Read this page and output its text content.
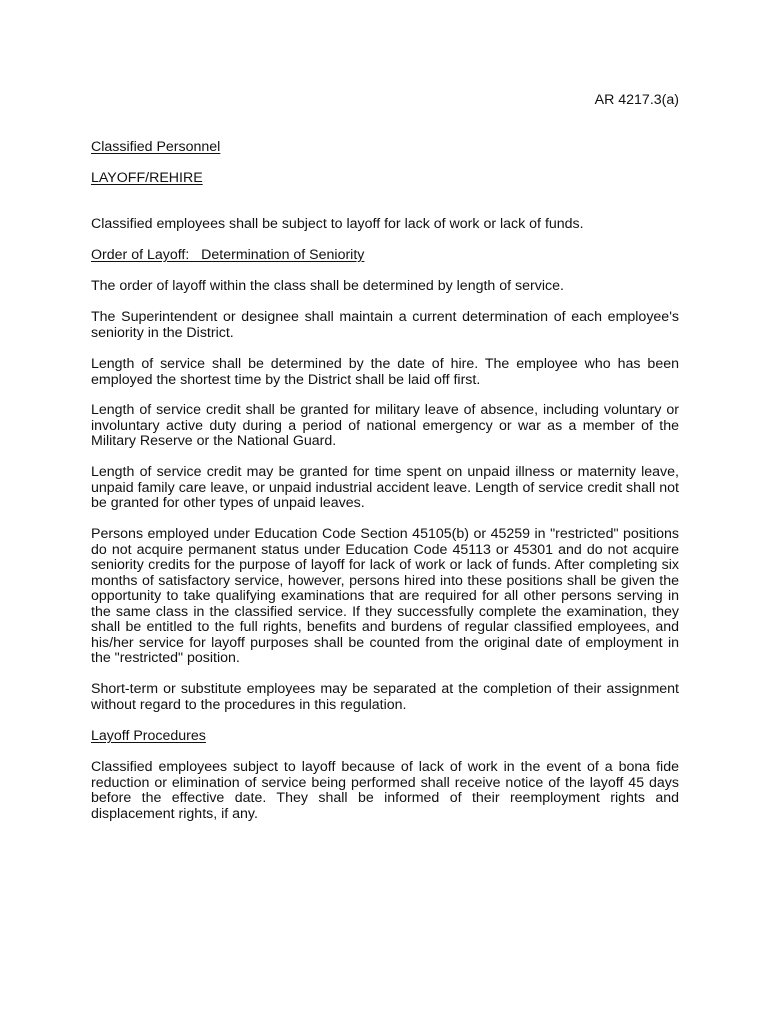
AR 4217.3(a)

Classified Personnel

LAYOFF/REHIRE

Classified employees shall be subject to layoff for lack of work or lack of funds.

Order of Layoff:   Determination of Seniority

The order of layoff within the class shall be determined by length of service.

The Superintendent or designee shall maintain a current determination of each employee's seniority in the District.

Length of service shall be determined by the date of hire. The employee who has been employed the shortest time by the District shall be laid off first.

Length of service credit shall be granted for military leave of absence, including voluntary or involuntary active duty during a period of national emergency or war as a member of the Military Reserve or the National Guard.

Length of service credit may be granted for time spent on unpaid illness or maternity leave, unpaid family care leave, or unpaid industrial accident leave. Length of service credit shall not be granted for other types of unpaid leaves.

Persons employed under Education Code Section 45105(b) or 45259 in "restricted" positions do not acquire permanent status under Education Code 45113 or 45301 and do not acquire seniority credits for the purpose of layoff for lack of work or lack of funds. After completing six months of satisfactory service, however, persons hired into these positions shall be given the opportunity to take qualifying examinations that are required for all other persons serving in the same class in the classified service. If they successfully complete the examination, they shall be entitled to the full rights, benefits and burdens of regular classified employees, and his/her service for layoff purposes shall be counted from the original date of employment in the "restricted" position.

Short-term or substitute employees may be separated at the completion of their assignment without regard to the procedures in this regulation.

Layoff Procedures

Classified employees subject to layoff because of lack of work in the event of a bona fide reduction or elimination of service being performed shall receive notice of the layoff 45 days before the effective date. They shall be informed of their reemployment rights and displacement rights, if any.
